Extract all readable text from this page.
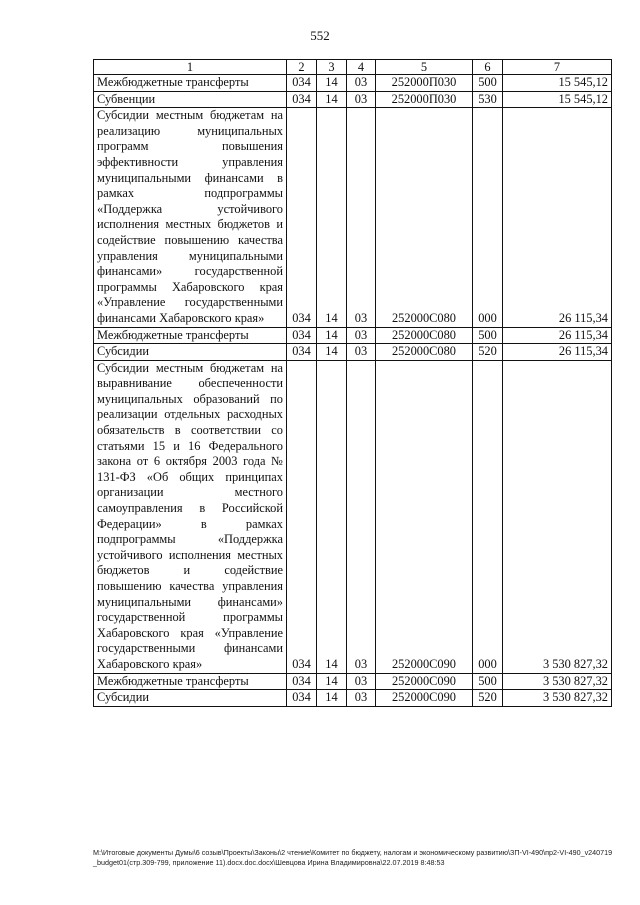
552
1	2	3	4	5	6	7
Межбюджетные трансферты	034	14	03	252000П030	500	15 545,12
Субвенции	034	14	03	252000П030	530	15 545,12
Субсидии местным бюджетам на реализацию муниципальных программ повышения эффективности управления муниципальными финансами в рамках подпрограммы «Поддержка устойчивого исполнения местных бюджетов и содействие повышению качества управления муниципальными финансами» государственной программы Хабаровского края «Управление государственными финансами Хабаровского края»	034	14	03	252000С080	000	26 115,34
Межбюджетные трансферты	034	14	03	252000С080	500	26 115,34
Субсидии	034	14	03	252000С080	520	26 115,34
Субсидии местным бюджетам на выравнивание обеспеченности муниципальных образований по реализации отдельных расходных обязательств в соответствии со статьями 15 и 16 Федерального закона от 6 октября 2003 года № 131-ФЗ «Об общих принципах организации местного самоуправления в Российской Федерации» в рамках подпрограммы «Поддержка устойчивого исполнения местных бюджетов и содействие повышению качества управления муниципальными финансами» государственной программы Хабаровского края «Управление государственными финансами Хабаровского края»	034	14	03	252000С090	000	3 530 827,32
Межбюджетные трансферты	034	14	03	252000С090	500	3 530 827,32
Субсидии	034	14	03	252000С090	520	3 530 827,32
M:\Итоговые документы Думы\6 созыв\Проекты\Законы\2 чтение\Комитет по бюджету, налогам и экономическому развитию\ЗП-VI-490\пр2-VI-490_v240719_budget01(стр.309-799, приложение 11).docx.doc.docx\Шевцова Ирина Владимировна\22.07.2019 8:48:53
